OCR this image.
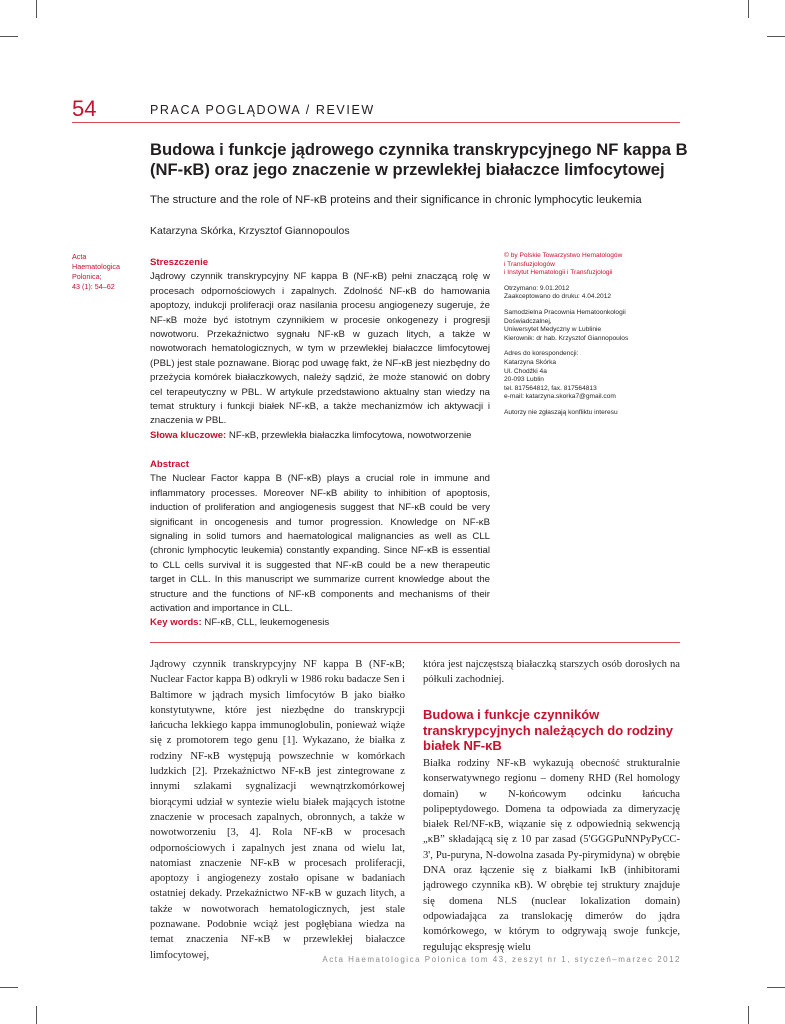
54	PRACA POGLĄDOWA / REVIEW
Budowa i funkcje jądrowego czynnika transkrypcyjnego NF kappa B (NF-κB) oraz jego znaczenie w przewlekłej białaczce limfocytowej
The structure and the role of NF-κB proteins and their significance in chronic lymphocytic leukemia
Katarzyna Skórka, Krzysztof Giannopoulos
Acta
Haematologica
Polonica;
43 (1): 54–62
Streszczenie

Jądrowy czynnik transkrypcyjny NF kappa B (NF-κB) pełni znaczącą rolę w procesach odpornościowych i zapalnych. Zdolność NF-κB do hamowania apoptozy, indukcji proliferacji oraz nasilania procesu angiogenezy sugeruje, że NF-κB może być istotnym czynnikiem w procesie onkogenezy i progresji nowotworu. Przekaźnictwo sygnału NF-κB w guzach litych, a także w nowotworach hematologicznych, w tym w przewlekłej białaczce limfocytowej (PBL) jest stale poznawane. Biorąc pod uwagę fakt, że NF-κB jest niezbędny do przeżycia komórek białaczkowych, należy sądzić, że może stanowić on dobry cel terapeutyczny w PBL. W artykule przedstawiono aktualny stan wiedzy na temat struktury i funkcji białek NF-κB, a także mechanizmów ich aktywacji i znaczenia w PBL.

Słowa kluczowe: NF-κB, przewlekła białaczka limfocytowa, nowotworzenie

Abstract

The Nuclear Factor kappa B (NF-κB) plays a crucial role in immune and inflammatory processes. Moreover NF-κB ability to inhibition of apoptosis, induction of proliferation and angiogenesis suggest that NF-κB could be very significant in oncogenesis and tumor progression. Knowledge on NF-κB signaling in solid tumors and haematological malignancies as well as CLL (chronic lymphocytic leukemia) constantly expanding. Since NF-κB is essential to CLL cells survival it is suggested that NF-κB could be a new therapeutic target in CLL. In this manuscript we summarize current knowledge about the structure and the functions of NF-κB components and mechanisms of their activation and importance in CLL.

Key words: NF-κB, CLL, leukemogenesis

© by Polskie Towarzystwo Hematologów
i Transfuzjologów
i Instytut Hematologii i Transfuzjologii

Otrzymano: 9.01.2012
Zaakceptowano do druku: 4.04.2012

Samodzielna Pracownia Hematoonkologii
Doświadczalnej,
Uniwersytet Medyczny w Lublinie
Kierownik: dr hab. Krzysztof Giannopoulos

Adres do korespondencji:
Katarzyna Skórka
Ul. Chodźki 4a
20-093 Lublin
tel. 817564812, fax. 817564813
e-mail: katarzyna.skorka7@gmail.com

Autorzy nie zgłaszają konfliktu interesu

Jądrowy czynnik transkrypcyjny NF kappa B (NF-κB; Nuclear Factor kappa B) odkryli w 1986 roku badacze Sen i Baltimore w jądrach mysich limfocytów B jako białko konstytutywne, które jest niezbędne do transkrypcji łańcucha lekkiego kappa immunoglobulin, ponieważ wiąże się z promotorem tego genu [1]. Wykazano, że białka z rodziny NF-κB występują powszechnie w komórkach ludzkich [2]. Przekaźnictwo NF-κB jest zintegrowane z innymi szlakami sygnalizacji wewnątrzkomórkowej biorącymi udział w syntezie wielu białek mających istotne znaczenie w procesach zapalnych, obronnych, a także w nowotworzeniu [3, 4]. Rola NF-κB w procesach odpornościowych i zapalnych jest znana od wielu lat, natomiast znaczenie NF-κB w procesach proliferacji, apoptozy i angiogenezy zostało opisane w badaniach ostatniej dekady. Przekaźnictwo NF-κB w guzach litych, a także w nowotworach hematologicznych, jest stale poznawane. Podobnie wciąż jest pogłębiana wiedza na temat znaczenia NF-κB w przewlekłej białaczce limfocytowej,

która jest najczęstszą białaczką starszych osób dorosłych na półkuli zachodniej.

Budowa i funkcje czynników transkrypcyjnych należących do rodziny białek NF-κB

Białka rodziny NF-κB wykazują obecność strukturalnie konserwatywnego regionu – domeny RHD (Rel homology domain) w N-końcowym odcinku łańcucha polipeptydowego. Domena ta odpowiada za dimeryzację białek Rel/NF-κB, wiązanie się z odpowiednią sekwencją „κB” składającą się z 10 par zasad (5'GGGPuNNPyPyCC-3', Pu-puryna, N-dowolna zasada Py-pirymidyna) w obrębie DNA oraz łączenie się z białkami IκB (inhibitorami jądrowego czynnika κB). W obrębie tej struktury znajduje się domena NLS (nuclear lokalization domain) odpowiadająca za translokację dimerów do jądra komórkowego, w którym to odgrywają swoje funkcje, regulując ekspresję wielu

Acta Haematologica Polonica tom 43, zeszyt nr 1, styczeń–marzec 2012
